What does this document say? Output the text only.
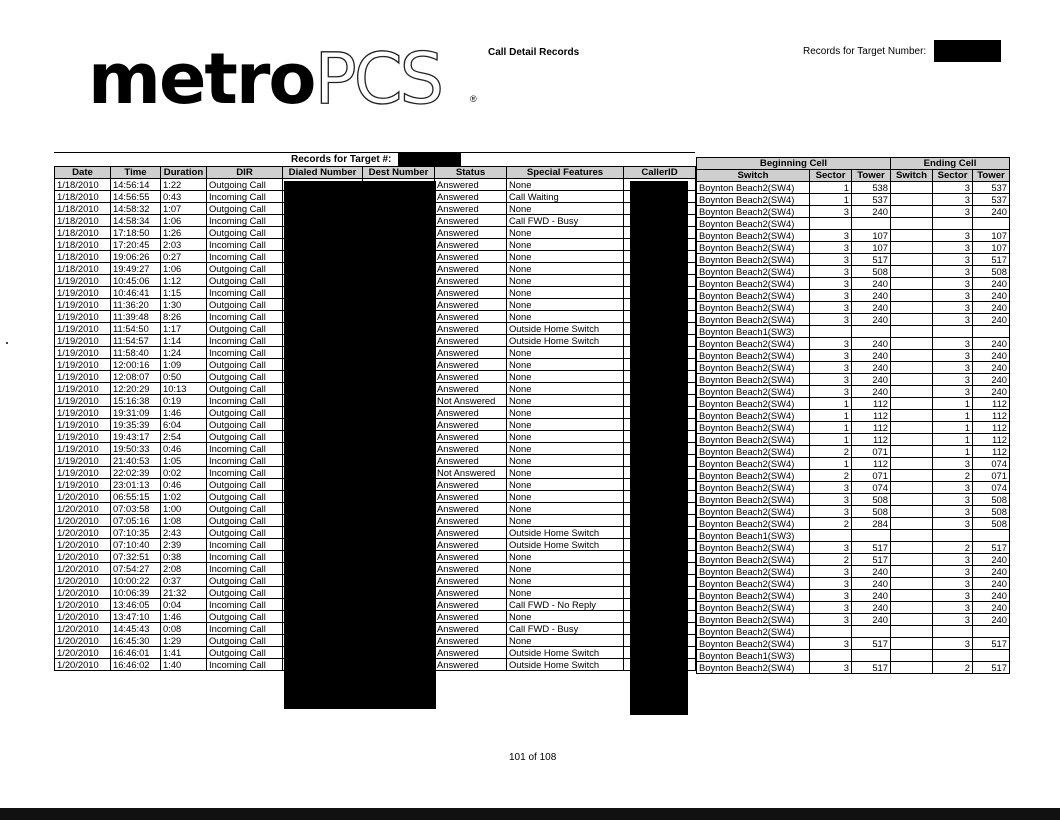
metroPCS	®
Call Detail Records	Records for Target Number:
Records for Target #:
Date	Time	Duration	DIR	Dialed Number	Dest Number	Status	Special Features	CallerID
1/18/2010	14:56:14	1:22	Outgoing Call			Answered	None	
1/18/2010	14:56:55	0:43	Incoming Call			Answered	Call Waiting	
1/18/2010	14:58:32	1:07	Outgoing Call			Answered	None	
1/18/2010	14:58:34	1:06	Incoming Call			Answered	Call FWD - Busy	
1/18/2010	17:18:50	1:26	Outgoing Call			Answered	None	
1/18/2010	17:20:45	2:03	Incoming Call			Answered	None	
1/18/2010	19:06:26	0:27	Incoming Call			Answered	None	
1/18/2010	19:49:27	1:06	Outgoing Call			Answered	None	
1/19/2010	10:45:06	1:12	Outgoing Call			Answered	None	
1/19/2010	10:46:41	1:15	Incoming Call			Answered	None	
1/19/2010	11:36:20	1:30	Outgoing Call			Answered	None	
1/19/2010	11:39:48	8:26	Incoming Call			Answered	None	
1/19/2010	11:54:50	1:17	Outgoing Call			Answered	Outside Home Switch	
1/19/2010	11:54:57	1:14	Incoming Call			Answered	Outside Home Switch	
1/19/2010	11:58:40	1:24	Incoming Call			Answered	None	
1/19/2010	12:00:16	1:09	Outgoing Call			Answered	None	
1/19/2010	12:08:07	0:50	Outgoing Call			Answered	None	
1/19/2010	12:20:29	10:13	Outgoing Call			Answered	None	
1/19/2010	15:16:38	0:19	Incoming Call			Not Answered	None	
1/19/2010	19:31:09	1:46	Outgoing Call			Answered	None	
1/19/2010	19:35:39	6:04	Outgoing Call			Answered	None	
1/19/2010	19:43:17	2:54	Outgoing Call			Answered	None	
1/19/2010	19:50:33	0:46	Incoming Call			Answered	None	
1/19/2010	21:40:53	1:05	Incoming Call			Answered	None	
1/19/2010	22:02:39	0:02	Incoming Call			Not Answered	None	
1/19/2010	23:01:13	0:46	Outgoing Call			Answered	None	
1/20/2010	06:55:15	1:02	Outgoing Call			Answered	None	
1/20/2010	07:03:58	1:00	Outgoing Call			Answered	None	
1/20/2010	07:05:16	1:08	Outgoing Call			Answered	None	
1/20/2010	07:10:35	2:43	Outgoing Call			Answered	Outside Home Switch	
1/20/2010	07:10:40	2:39	Incoming Call			Answered	Outside Home Switch	
1/20/2010	07:32:51	0:38	Incoming Call			Answered	None	
1/20/2010	07:54:27	2:08	Incoming Call			Answered	None	
1/20/2010	10:00:22	0:37	Outgoing Call			Answered	None	
1/20/2010	10:06:39	21:32	Outgoing Call			Answered	None	
1/20/2010	13:46:05	0:04	Incoming Call			Answered	Call FWD - No Reply	
1/20/2010	13:47:10	1:46	Outgoing Call			Answered	None	
1/20/2010	14:45:43	0:08	Incoming Call			Answered	Call FWD - Busy	
1/20/2010	16:45:30	1:29	Outgoing Call			Answered	None	
1/20/2010	16:46:01	1:41	Outgoing Call			Answered	Outside Home Switch	
1/20/2010	16:46:02	1:40	Incoming Call			Answered	Outside Home Switch	
Beginning Cell			Ending Cell		
Switch	Sector	Tower	Switch	Sector	Tower
Boynton Beach2(SW4)	1	538		3	537
Boynton Beach2(SW4)	1	537		3	537
Boynton Beach2(SW4)	3	240		3	240
Boynton Beach2(SW4)					
Boynton Beach2(SW4)	3	107		3	107
Boynton Beach2(SW4)	3	107		3	107
Boynton Beach2(SW4)	3	517		3	517
Boynton Beach2(SW4)	3	508		3	508
Boynton Beach2(SW4)	3	240		3	240
Boynton Beach2(SW4)	3	240		3	240
Boynton Beach2(SW4)	3	240		3	240
Boynton Beach2(SW4)	3	240		3	240
Boynton Beach1(SW3)					
Boynton Beach2(SW4)	3	240		3	240
Boynton Beach2(SW4)	3	240		3	240
Boynton Beach2(SW4)	3	240		3	240
Boynton Beach2(SW4)	3	240		3	240
Boynton Beach2(SW4)	3	240		3	240
Boynton Beach2(SW4)	1	112		1	112
Boynton Beach2(SW4)	1	112		1	112
Boynton Beach2(SW4)	1	112		1	112
Boynton Beach2(SW4)	1	112		1	112
Boynton Beach2(SW4)	2	071		1	112
Boynton Beach2(SW4)	1	112		3	074
Boynton Beach2(SW4)	2	071		2	071
Boynton Beach2(SW4)	3	074		3	074
Boynton Beach2(SW4)	3	508		3	508
Boynton Beach2(SW4)	3	508		3	508
Boynton Beach2(SW4)	2	284		3	508
Boynton Beach1(SW3)					
Boynton Beach2(SW4)	3	517		2	517
Boynton Beach2(SW4)	2	517		3	240
Boynton Beach2(SW4)	3	240		3	240
Boynton Beach2(SW4)	3	240		3	240
Boynton Beach2(SW4)	3	240		3	240
Boynton Beach2(SW4)	3	240		3	240
Boynton Beach2(SW4)	3	240		3	240
Boynton Beach2(SW4)					
Boynton Beach2(SW4)	3	517		3	517
Boynton Beach1(SW3)					
Boynton Beach2(SW4)	3	517		2	517
101 of 108
